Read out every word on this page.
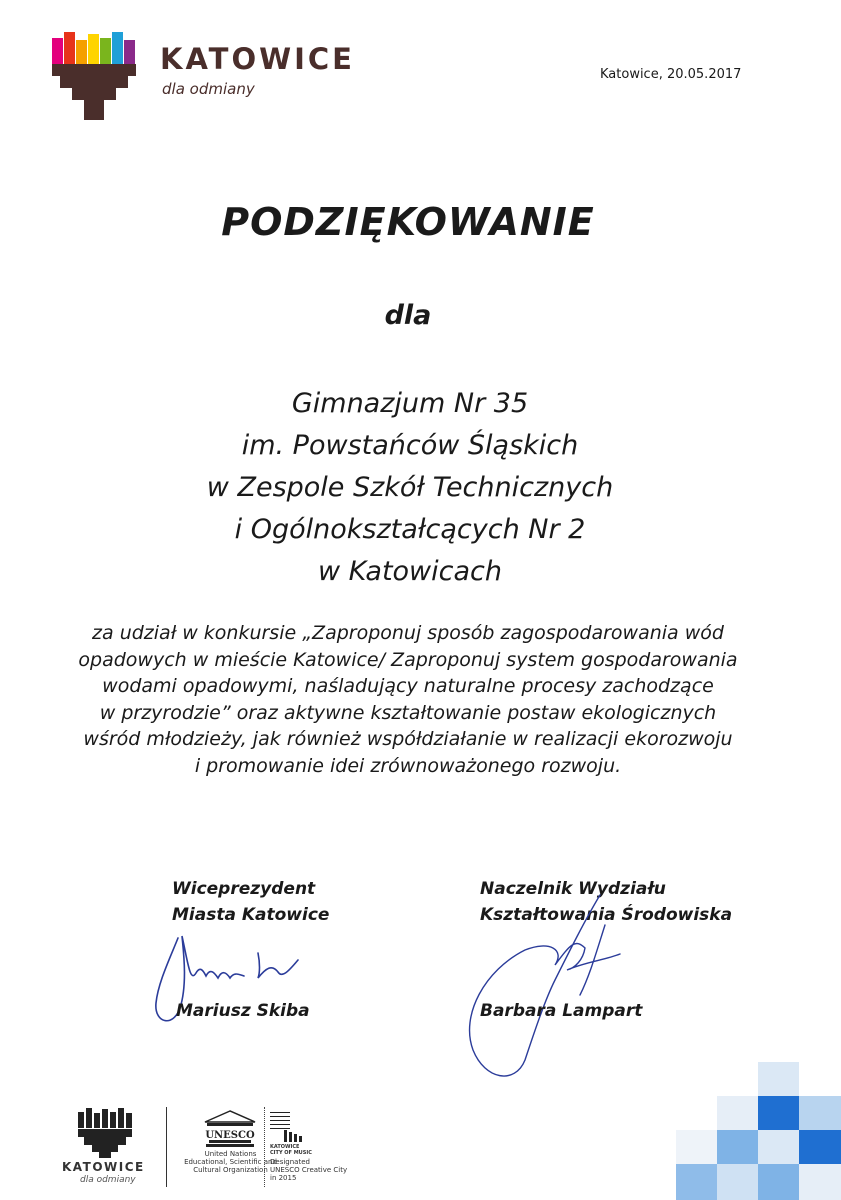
KATOWICE
dla odmiany
Katowice, 20.05.2017
PODZIĘKOWANIE
dla
Gimnazjum Nr 35
im. Powstańców Śląskich
w Zespole Szkół Technicznych
i Ogólnokształcących Nr 2
w Katowicach
za udział w konkursie „Zaproponuj sposób zagospodarowania wód
opadowych w mieście Katowice/ Zaproponuj system gospodarowania
wodami opadowymi, naśladujący naturalne procesy zachodzące
w przyrodzie” oraz aktywne kształtowanie postaw ekologicznych
wśród młodzieży, jak również współdziałanie w realizacji ekorozwoju
i promowanie idei zrównoważonego rozwoju.
Wiceprezydent
Miasta Katowice
Mariusz Skiba
Naczelnik Wydziału
Kształtowania Środowiska
Barbara Lampart
KATOWICE
dla odmiany
UNESCO
United Nations
Educational, Scientific and
Cultural Organization
KATOWICE
CITY OF MUSIC
Designated
UNESCO Creative City
in 2015
